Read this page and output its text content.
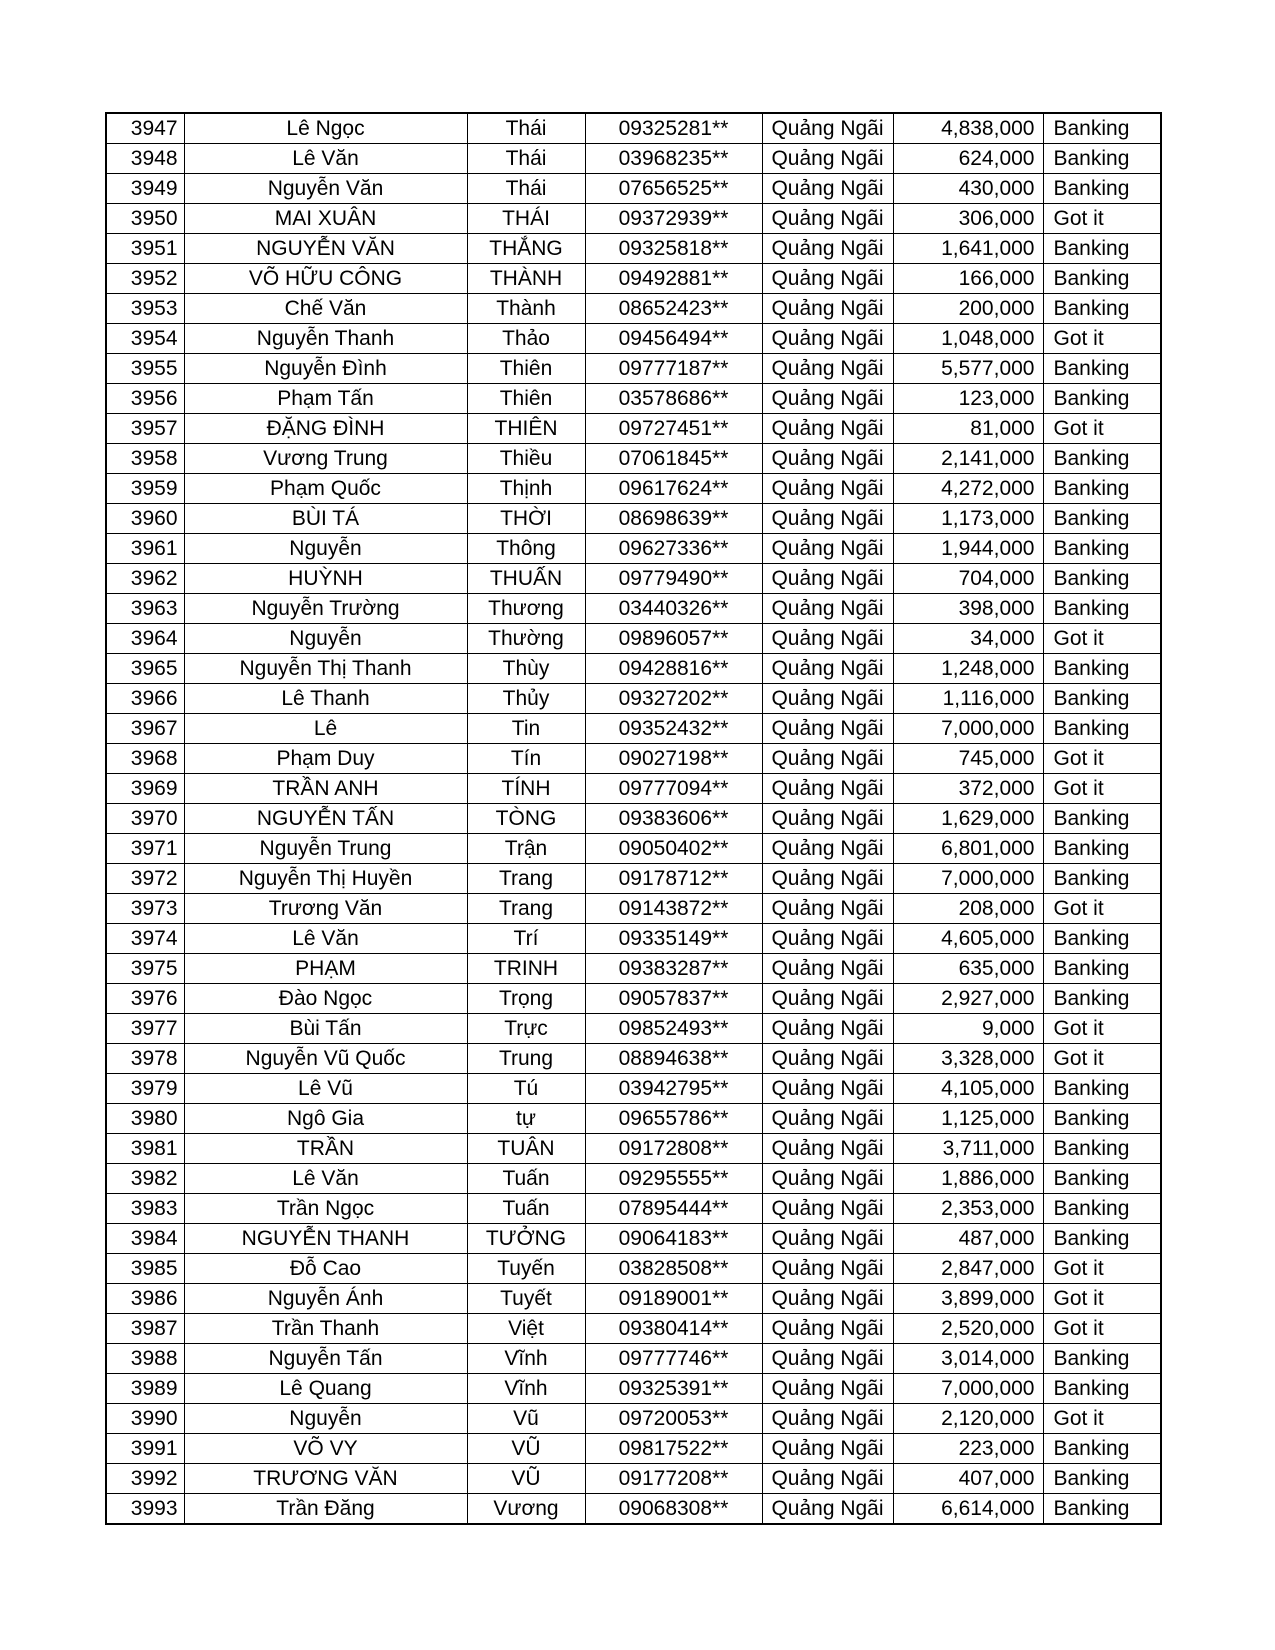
3947	Lê Ngọc	Thái	09325281**	Quảng Ngãi	4,838,000	Banking
3948	Lê Văn	Thái	03968235**	Quảng Ngãi	624,000	Banking
3949	Nguyễn Văn	Thái	07656525**	Quảng Ngãi	430,000	Banking
3950	MAI XUÂN	THÁI	09372939**	Quảng Ngãi	306,000	Got it
3951	NGUYỄN VĂN	THẮNG	09325818**	Quảng Ngãi	1,641,000	Banking
3952	VÕ HỮU CÔNG	THÀNH	09492881**	Quảng Ngãi	166,000	Banking
3953	Chế Văn	Thành	08652423**	Quảng Ngãi	200,000	Banking
3954	Nguyễn Thanh	Thảo	09456494**	Quảng Ngãi	1,048,000	Got it
3955	Nguyễn Đình	Thiên	09777187**	Quảng Ngãi	5,577,000	Banking
3956	Phạm Tấn	Thiên	03578686**	Quảng Ngãi	123,000	Banking
3957	ĐẶNG ĐÌNH	THIÊN	09727451**	Quảng Ngãi	81,000	Got it
3958	Vương Trung	Thiều	07061845**	Quảng Ngãi	2,141,000	Banking
3959	Phạm Quốc	Thịnh	09617624**	Quảng Ngãi	4,272,000	Banking
3960	BÙI TÁ	THỜI	08698639**	Quảng Ngãi	1,173,000	Banking
3961	Nguyễn	Thông	09627336**	Quảng Ngãi	1,944,000	Banking
3962	HUỲNH	THUẤN	09779490**	Quảng Ngãi	704,000	Banking
3963	Nguyễn Trường	Thương	03440326**	Quảng Ngãi	398,000	Banking
3964	Nguyễn	Thường	09896057**	Quảng Ngãi	34,000	Got it
3965	Nguyễn Thị Thanh	Thùy	09428816**	Quảng Ngãi	1,248,000	Banking
3966	Lê Thanh	Thủy	09327202**	Quảng Ngãi	1,116,000	Banking
3967	Lê	Tin	09352432**	Quảng Ngãi	7,000,000	Banking
3968	Phạm Duy	Tín	09027198**	Quảng Ngãi	745,000	Got it
3969	TRẦN ANH	TÍNH	09777094**	Quảng Ngãi	372,000	Got it
3970	NGUYỄN TẤN	TÒNG	09383606**	Quảng Ngãi	1,629,000	Banking
3971	Nguyễn Trung	Trận	09050402**	Quảng Ngãi	6,801,000	Banking
3972	Nguyễn Thị Huyền	Trang	09178712**	Quảng Ngãi	7,000,000	Banking
3973	Trương Văn	Trang	09143872**	Quảng Ngãi	208,000	Got it
3974	Lê Văn	Trí	09335149**	Quảng Ngãi	4,605,000	Banking
3975	PHẠM	TRINH	09383287**	Quảng Ngãi	635,000	Banking
3976	Đào Ngọc	Trọng	09057837**	Quảng Ngãi	2,927,000	Banking
3977	Bùi Tấn	Trực	09852493**	Quảng Ngãi	9,000	Got it
3978	Nguyễn Vũ Quốc	Trung	08894638**	Quảng Ngãi	3,328,000	Got it
3979	Lê Vũ	Tú	03942795**	Quảng Ngãi	4,105,000	Banking
3980	Ngô Gia	tự	09655786**	Quảng Ngãi	1,125,000	Banking
3981	TRẦN	TUÂN	09172808**	Quảng Ngãi	3,711,000	Banking
3982	Lê Văn	Tuấn	09295555**	Quảng Ngãi	1,886,000	Banking
3983	Trần Ngọc	Tuấn	07895444**	Quảng Ngãi	2,353,000	Banking
3984	NGUYỄN THANH	TƯỞNG	09064183**	Quảng Ngãi	487,000	Banking
3985	Đỗ Cao	Tuyến	03828508**	Quảng Ngãi	2,847,000	Got it
3986	Nguyễn Ánh	Tuyết	09189001**	Quảng Ngãi	3,899,000	Got it
3987	Trần Thanh	Việt	09380414**	Quảng Ngãi	2,520,000	Got it
3988	Nguyễn Tấn	Vĩnh	09777746**	Quảng Ngãi	3,014,000	Banking
3989	Lê Quang	Vĩnh	09325391**	Quảng Ngãi	7,000,000	Banking
3990	Nguyễn	Vũ	09720053**	Quảng Ngãi	2,120,000	Got it
3991	VÕ VY	VŨ	09817522**	Quảng Ngãi	223,000	Banking
3992	TRƯƠNG VĂN	VŨ	09177208**	Quảng Ngãi	407,000	Banking
3993	Trần Đăng	Vương	09068308**	Quảng Ngãi	6,614,000	Banking
